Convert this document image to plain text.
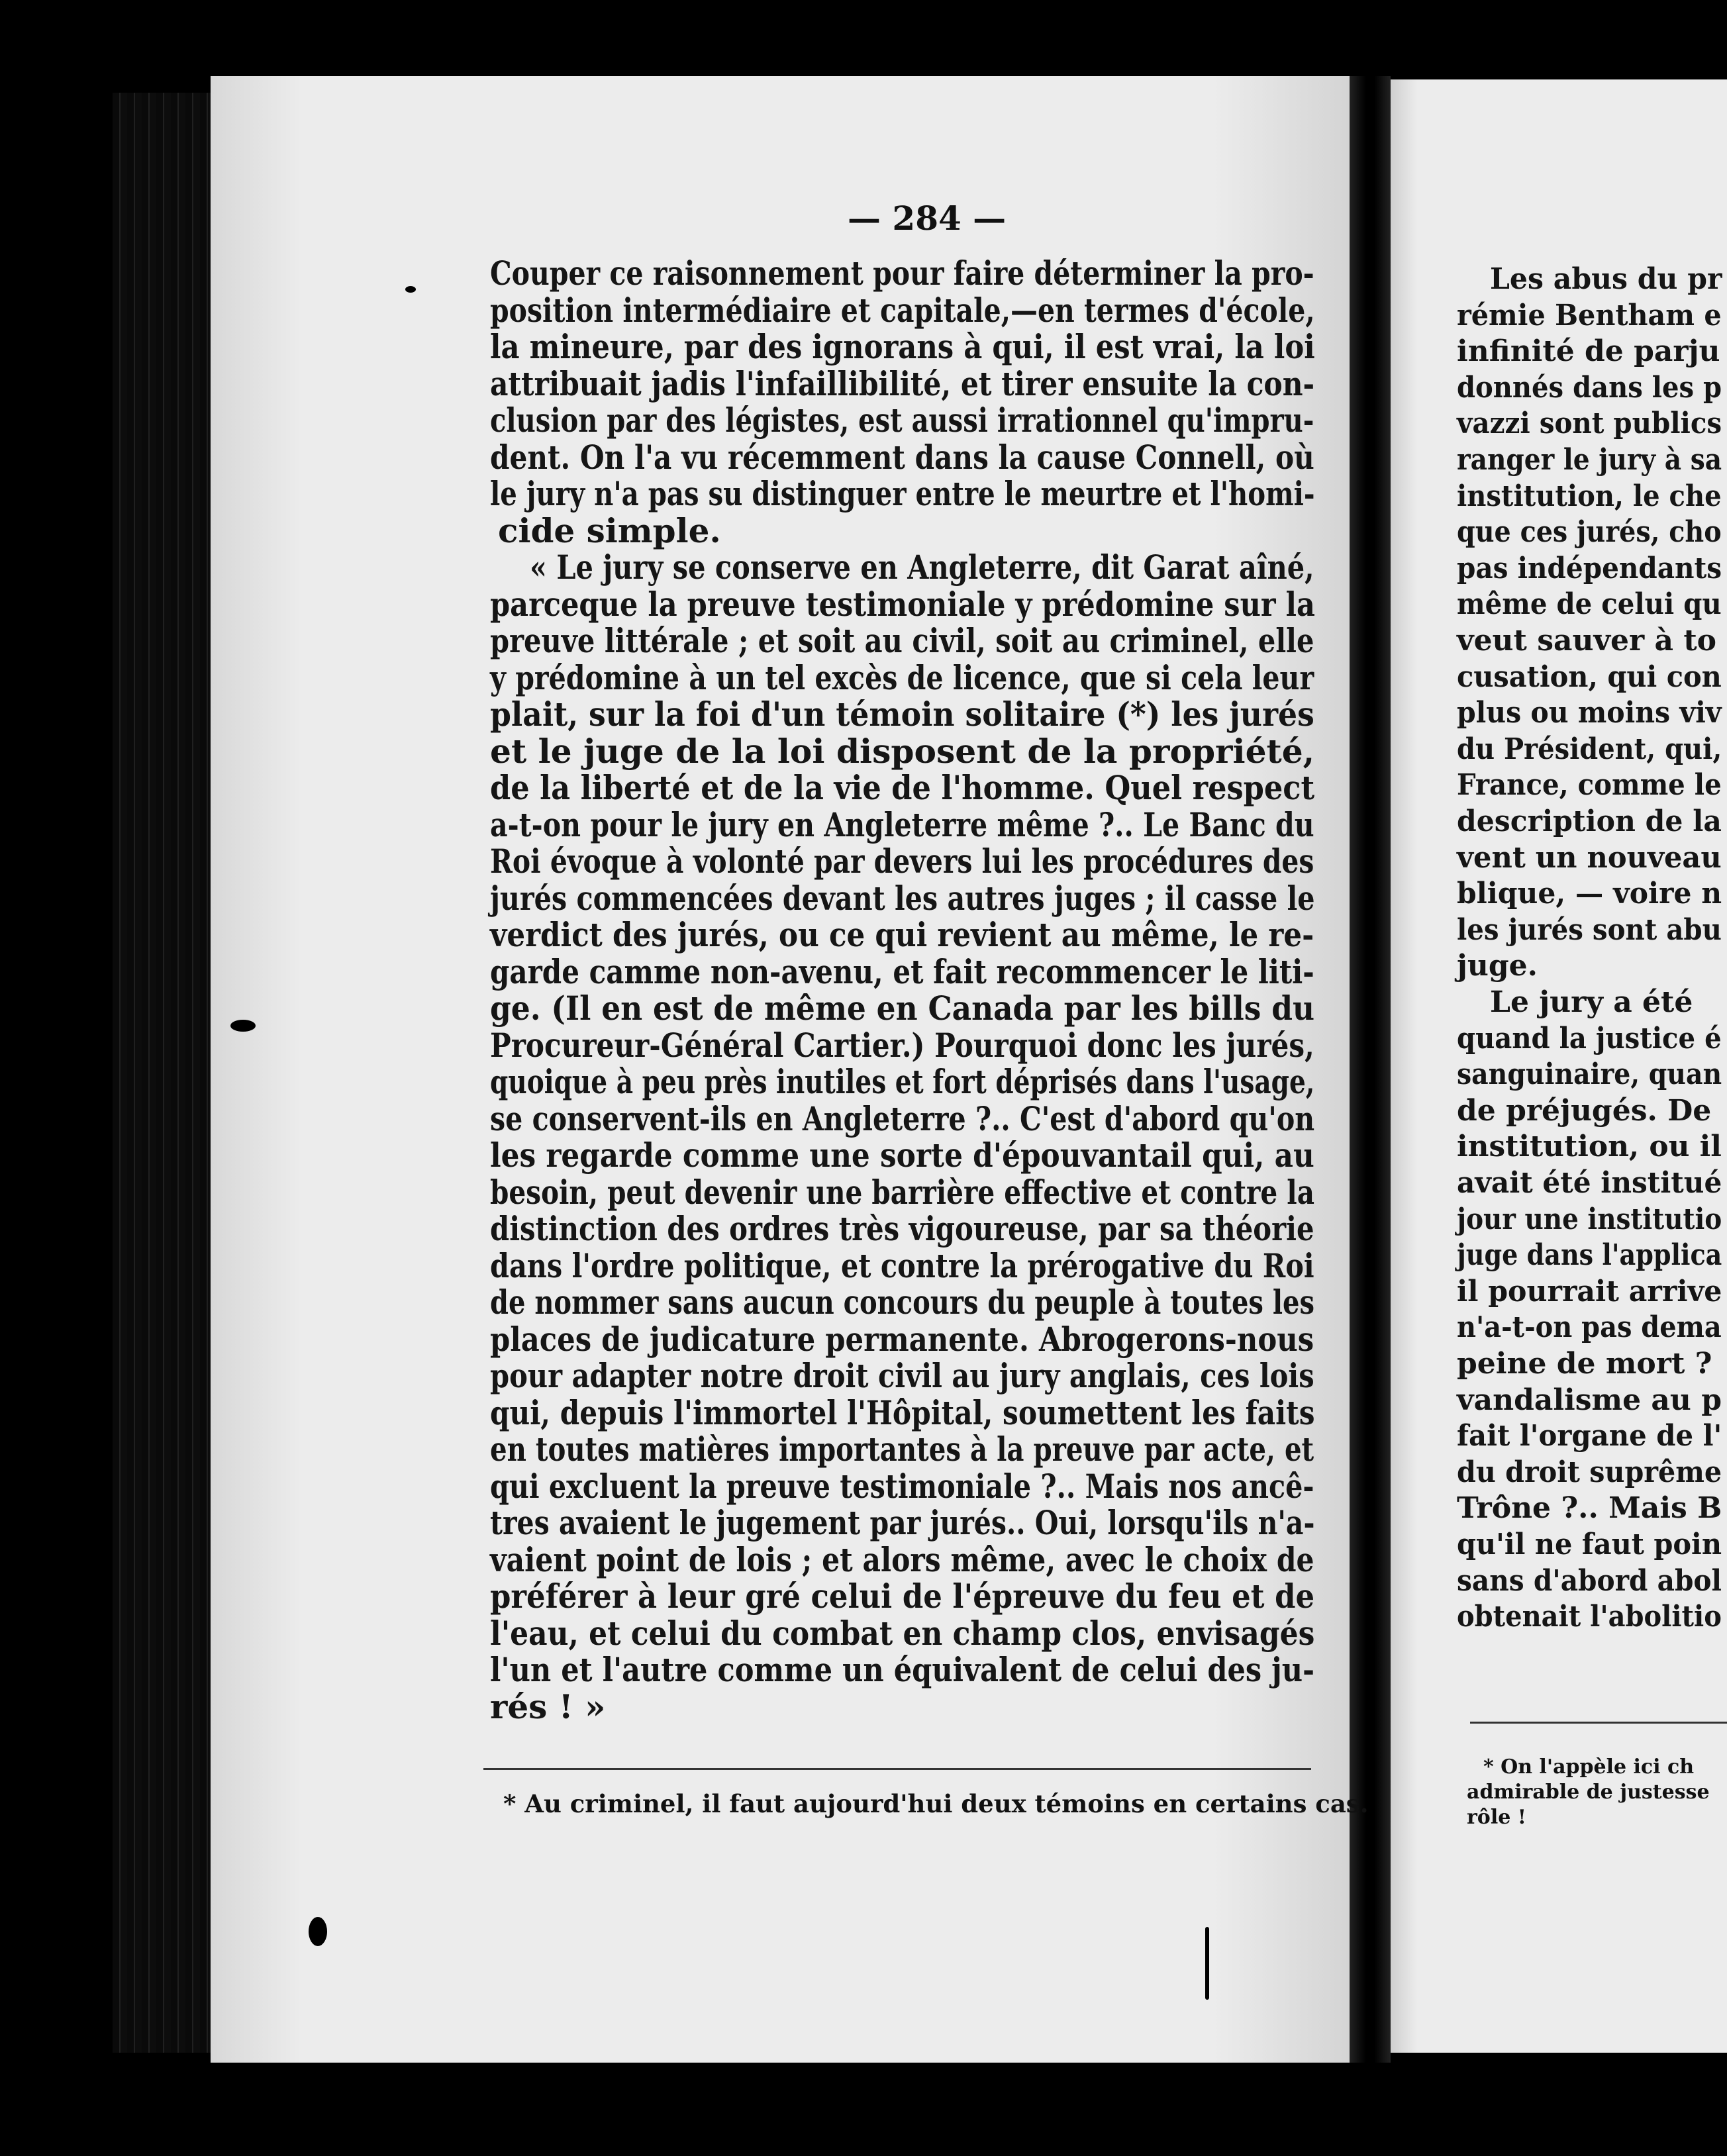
— 284 —
Couper ce raisonnement pour faire déterminer la pro-
position intermédiaire et capitale,—en termes d'école,
la mineure, par des ignorans à qui, il est vrai, la loi
attribuait jadis l'infaillibilité, et tirer ensuite la con-
clusion par des légistes, est aussi irrationnel qu'impru-
dent. On l'a vu récemment dans la cause Connell, où
le jury n'a pas su distinguer entre le meurtre et l'homi-
cide simple.
« Le jury se conserve en Angleterre, dit Garat aîné,
parceque la preuve testimoniale y prédomine sur la
preuve littérale ; et soit au civil, soit au criminel, elle
y prédomine à un tel excès de licence, que si cela leur
plait, sur la foi d'un témoin solitaire (*) les jurés
et le juge de la loi disposent de la propriété,
de la liberté et de la vie de l'homme. Quel respect
a-t-on pour le jury en Angleterre même ?.. Le Banc du
Roi évoque à volonté par devers lui les procédures des
jurés commencées devant les autres juges ; il casse le
verdict des jurés, ou ce qui revient au même, le re-
garde camme non-avenu, et fait recommencer le liti-
ge. (Il en est de même en Canada par les bills du
Procureur-Général Cartier.) Pourquoi donc les jurés,
quoique à peu près inutiles et fort déprisés dans l'usage,
se conservent-ils en Angleterre ?.. C'est d'abord qu'on
les regarde comme une sorte d'épouvantail qui, au
besoin, peut devenir une barrière effective et contre la
distinction des ordres très vigoureuse, par sa théorie
dans l'ordre politique, et contre la prérogative du Roi
de nommer sans aucun concours du peuple à toutes les
places de judicature permanente. Abrogerons-nous
pour adapter notre droit civil au jury anglais, ces lois
qui, depuis l'immortel l'Hôpital, soumettent les faits
en toutes matières importantes à la preuve par acte, et
qui excluent la preuve testimoniale ?.. Mais nos ancê-
tres avaient le jugement par jurés.. Oui, lorsqu'ils n'a-
vaient point de lois ; et alors même, avec le choix de
préférer à leur gré celui de l'épreuve du feu et de
l'eau, et celui du combat en champ clos, envisagés
l'un et l'autre comme un équivalent de celui des ju-
rés ! »
* Au criminel, il faut aujourd'hui deux témoins en certains cas.
Les abus du pr
rémie Bentham e
infinité de parju
donnés dans les p
vazzi sont publics
ranger le jury à sa
institution, le che
que ces jurés, cho
pas indépendants
même de celui qu
veut sauver à to
cusation, qui con
plus ou moins viv
du Président, qui,
France, comme le
description de la
vent un nouveau
blique, — voire n
les jurés sont abu
juge.
Le jury a été
quand la justice é
sanguinaire, quan
de préjugés. De
institution, ou il
avait été institué
jour une institutio
juge dans l'applica
il pourrait arrive
n'a-t-on pas dema
peine de mort ?
vandalisme au p
fait l'organe de l'
du droit suprême
Trône ?.. Mais B
qu'il ne faut poin
sans d'abord abol
obtenait l'abolitio
* On l'appèle ici ch
admirable de justesse
rôle !
